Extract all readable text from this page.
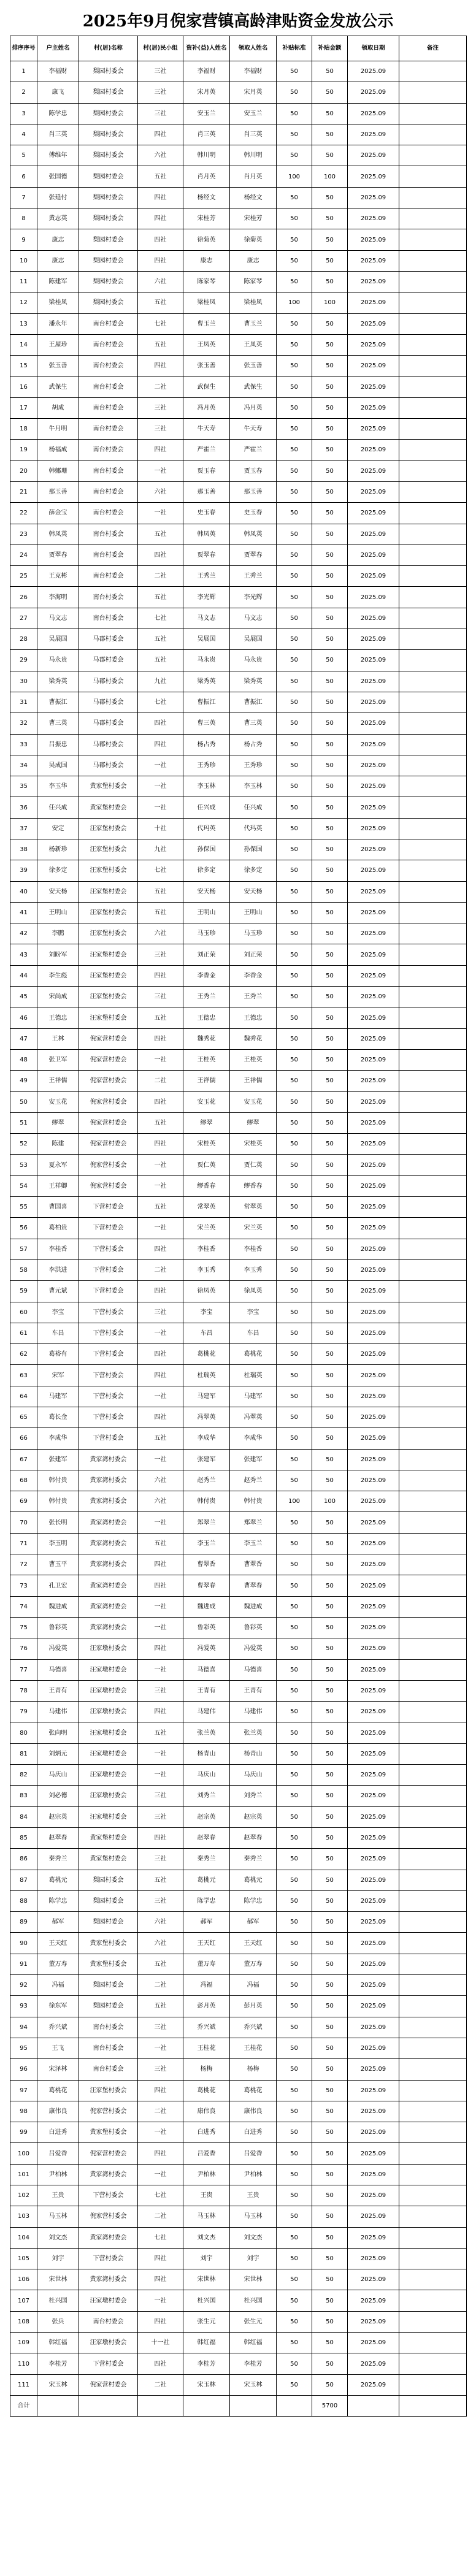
2025年9月倪家营镇高龄津贴资金发放公示
排序序号	户主姓名	村(居)名称	村(居)民小组	资补(益)人姓名	领取人姓名	补贴标准	补贴金额	领取日期	备注
1	李福财	梨园村委会	三社	李福财	李福财	50	50	2025.09	
2	康飞	梨园村委会	三社	宋月英	宋月英	50	50	2025.09	
3	陈学忠	梨园村委会	三社	安玉兰	安玉兰	50	50	2025.09	
4	肖三英	梨园村委会	四社	肖三英	肖三英	50	50	2025.09	
5	傅维年	梨园村委会	六社	韩川明	韩川明	50	50	2025.09	
6	张国德	梨园村委会	五社	肖月英	肖月英	100	100	2025.09	
7	张延付	梨园村委会	四社	杨经文	杨经文	50	50	2025.09	
8	黄志英	梨园村委会	四社	宋桂芳	宋桂芳	50	50	2025.09	
9	康志	梨园村委会	四社	徐菊英	徐菊英	50	50	2025.09	
10	康志	梨园村委会	四社	康志	康志	50	50	2025.09	
11	陈建军	梨园村委会	六社	陈家琴	陈家琴	50	50	2025.09	
12	梁桂凤	梨园村委会	五社	梁桂凤	梁桂凤	100	100	2025.09	
13	潘永年	南台村委会	七社	曹玉兰	曹玉兰	50	50	2025.09	
14	王屋珍	南台村委会	五社	王凤英	王凤英	50	50	2025.09	
15	张玉善	南台村委会	四社	张玉善	张玉善	50	50	2025.09	
16	武保生	南台村委会	二社	武保生	武保生	50	50	2025.09	
17	胡成	南台村委会	三社	冯月英	冯月英	50	50	2025.09	
18	牛月明	南台村委会	三社	牛天寿	牛天寿	50	50	2025.09	
19	杨福成	南台村委会	四社	严霍兰	严霍兰	50	50	2025.09	
20	韩娜珊	南台村委会	一社	贾玉春	贾玉春	50	50	2025.09	
21	那玉善	南台村委会	六社	那玉善	那玉善	50	50	2025.09	
22	薛金宝	南台村委会	一社	史玉春	史玉春	50	50	2025.09	
23	韩凤英	南台村委会	五社	韩凤英	韩凤英	50	50	2025.09	
24	贾翠春	南台村委会	四社	贾翠春	贾翠春	50	50	2025.09	
25	王克彬	南台村委会	二社	王秀兰	王秀兰	50	50	2025.09	
26	李海明	南台村委会	五社	李光辉	李光辉	50	50	2025.09	
27	马文志	南台村委会	七社	马文志	马文志	50	50	2025.09	
28	吴展国	马郡村委会	五社	吴展国	吴展国	50	50	2025.09	
29	马永贵	马郡村委会	五社	马永贵	马永贵	50	50	2025.09	
30	梁秀英	马郡村委会	九社	梁秀英	梁秀英	50	50	2025.09	
31	曹振江	马郡村委会	七社	曹振江	曹振江	50	50	2025.09	
32	曹三英	马郡村委会	四社	曹三英	曹三英	50	50	2025.09	
33	吕振忠	马郡村委会	四社	杨占秀	杨占秀	50	50	2025.09	
34	吴成国	马郡村委会	一社	王秀珍	王秀珍	50	50	2025.09	
35	李玉华	黄家堡村委会	一社	李玉林	李玉林	50	50	2025.09	
36	任兴成	黄家堡村委会	一社	任兴成	任兴成	50	50	2025.09	
37	安定	汪家堡村委会	十社	代玛英	代玛英	50	50	2025.09	
38	杨新珍	汪家堡村委会	九社	孙保国	孙保国	50	50	2025.09	
39	徐多定	汪家堡村委会	七社	徐多定	徐多定	50	50	2025.09	
40	安天杨	汪家堡村委会	五社	安天杨	安天杨	50	50	2025.09	
41	王明山	汪家堡村委会	五社	王明山	王明山	50	50	2025.09	
42	李鹏	汪家堡村委会	六社	马玉珍	马玉珍	50	50	2025.09	
43	刘盼军	汪家堡村委会	三社	刘正荣	刘正荣	50	50	2025.09	
44	李生彪	汪家堡村委会	四社	李香金	李香金	50	50	2025.09	
45	宋尚成	汪家堡村委会	三社	王秀兰	王秀兰	50	50	2025.09	
46	王德忠	汪家堡村委会	五社	王德忠	王德忠	50	50	2025.09	
47	王林	倪家营村委会	四社	魏秀花	魏秀花	50	50	2025.09	
48	张卫军	倪家营村委会	一社	王桂英	王桂英	50	50	2025.09	
49	王祥儒	倪家营村委会	二社	王祥儒	王祥儒	50	50	2025.09	
50	安玉花	倪家营村委会	四社	安玉花	安玉花	50	50	2025.09	
51	缪翠	倪家营村委会	五社	缪翠	缪翠	50	50	2025.09	
52	陈建	倪家营村委会	四社	宋桂英	宋桂英	50	50	2025.09	
53	夏永军	倪家营村委会	一社	贾仁英	贾仁英	50	50	2025.09	
54	王祥卿	倪家营村委会	一社	缪香春	缪香春	50	50	2025.09	
55	曹国喜	下营村委会	五社	常翠英	常翠英	50	50	2025.09	
56	葛柏贵	下营村委会	一社	宋兰英	宋兰英	50	50	2025.09	
57	李桂香	下营村委会	四社	李桂香	李桂香	50	50	2025.09	
58	李洪进	下营村委会	二社	李玉秀	李玉秀	50	50	2025.09	
59	曹元斌	下营村委会	四社	徐凤英	徐凤英	50	50	2025.09	
60	李宝	下营村委会	三社	李宝	李宝	50	50	2025.09	
61	车昌	下营村委会	一社	车昌	车昌	50	50	2025.09	
62	葛裕有	下营村委会	四社	葛桃花	葛桃花	50	50	2025.09	
63	宋军	下营村委会	四社	杜瑞英	杜瑞英	50	50	2025.09	
64	马建军	下营村委会	一社	马建军	马建军	50	50	2025.09	
65	葛长金	下营村委会	四社	冯翠英	冯翠英	50	50	2025.09	
66	李成华	下营村委会	五社	李成华	李成华	50	50	2025.09	
67	张建军	黄家湾村委会	一社	张建军	张建军	50	50	2025.09	
68	韩付贵	黄家湾村委会	六社	赵秀兰	赵秀兰	50	50	2025.09	
69	韩付贵	黄家湾村委会	六社	韩付贵	韩付贵	100	100	2025.09	
70	张长明	黄家湾村委会	一社	郑翠兰	郑翠兰	50	50	2025.09	
71	李玉明	黄家湾村委会	五社	李玉兰	李玉兰	50	50	2025.09	
72	曹玉平	黄家湾村委会	四社	曹翠香	曹翠香	50	50	2025.09	
73	孔卫宏	黄家湾村委会	四社	曹翠春	曹翠春	50	50	2025.09	
74	魏进成	黄家湾村委会	一社	魏进成	魏进成	50	50	2025.09	
75	鲁彩英	黄家湾村委会	一社	鲁彩英	鲁彩英	50	50	2025.09	
76	冯爱英	汪家墩村委会	四社	冯爱英	冯爱英	50	50	2025.09	
77	马德喜	汪家墩村委会	一社	马德喜	马德喜	50	50	2025.09	
78	王青有	汪家墩村委会	三社	王青有	王青有	50	50	2025.09	
79	马建伟	汪家墩村委会	四社	马建伟	马建伟	50	50	2025.09	
80	张向明	汪家墩村委会	五社	张兰英	张兰英	50	50	2025.09	
81	刘炳元	汪家墩村委会	一社	杨青山	杨青山	50	50	2025.09	
82	马庆山	汪家墩村委会	一社	马庆山	马庆山	50	50	2025.09	
83	刘必德	汪家墩村委会	三社	刘秀兰	刘秀兰	50	50	2025.09	
84	赵宗英	汪家墩村委会	三社	赵宗英	赵宗英	50	50	2025.09	
85	赵翠春	黄家堡村委会	四社	赵翠春	赵翠春	50	50	2025.09	
86	秦秀兰	黄家堡村委会	三社	秦秀兰	秦秀兰	50	50	2025.09	
87	葛桃元	梨园村委会	五社	葛桃元	葛桃元	50	50	2025.09	
88	陈学忠	梨园村委会	三社	陈学忠	陈学忠	50	50	2025.09	
89	郝军	梨园村委会	六社	郝军	郝军	50	50	2025.09	
90	王天红	黄家堡村委会	六社	王天红	王天红	50	50	2025.09	
91	董万寿	黄家堡村委会	五社	董万寿	董万寿	50	50	2025.09	
92	冯福	梨园村委会	二社	冯福	冯福	50	50	2025.09	
93	徐东军	梨园村委会	五社	彭月英	彭月英	50	50	2025.09	
94	乔兴斌	南台村委会	三社	乔兴斌	乔兴斌	50	50	2025.09	
95	王飞	南台村委会	一社	王桂花	王桂花	50	50	2025.09	
96	宋泽林	南台村委会	三社	杨梅	杨梅	50	50	2025.09	
97	葛桃花	汪家堡村委会	四社	葛桃花	葛桃花	50	50	2025.09	
98	康伟良	倪家营村委会	二社	康伟良	康伟良	50	50	2025.09	
99	白进秀	黄家堡村委会	一社	白进秀	白进秀	50	50	2025.09	
100	吕爱香	倪家营村委会	四社	吕爱香	吕爱香	50	50	2025.09	
101	尹柏林	黄家湾村委会	一社	尹柏林	尹柏林	50	50	2025.09	
102	王贵	下营村委会	七社	王贵	王贵	50	50	2025.09	
103	马玉林	倪家营村委会	二社	马玉林	马玉林	50	50	2025.09	
104	刘文杰	黄家湾村委会	七社	刘文杰	刘文杰	50	50	2025.09	
105	刘宇	下营村委会	四社	刘宇	刘宇	50	50	2025.09	
106	宋世林	黄家湾村委会	四社	宋世林	宋世林	50	50	2025.09	
107	杜兴国	汪家墩村委会	一社	杜兴国	杜兴国	50	50	2025.09	
108	张兵	南台村委会	四社	张生元	张生元	50	50	2025.09	
109	韩红福	汪家墩村委会	十一社	韩红福	韩红福	50	50	2025.09	
110	李桂芳	下营村委会	四社	李桂芳	李桂芳	50	50	2025.09	
111	宋玉林	倪家营村委会	二社	宋玉林	宋玉林	50	50	2025.09	
合计							5700		
